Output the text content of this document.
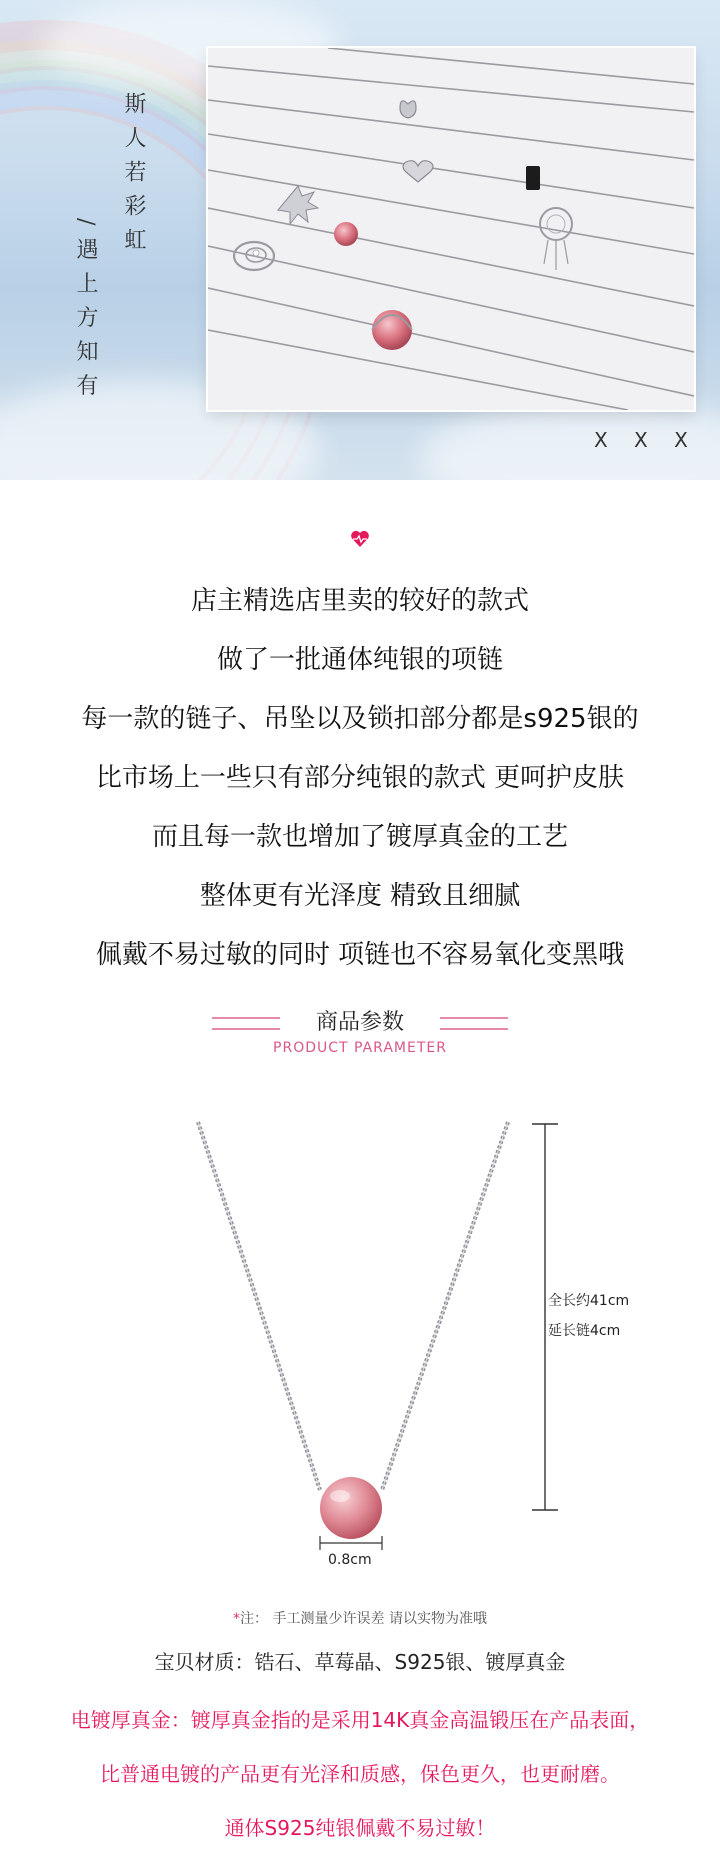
斯人若彩虹
/遇上方知有
X X X

店主精选店里卖的较好的款式

做了一批通体纯银的项链

每一款的链子、吊坠以及锁扣部分都是s925银的

比市场上一些只有部分纯银的款式 更呵护皮肤

而且每一款也增加了镀厚真金的工艺

整体更有光泽度 精致且细腻

佩戴不易过敏的同时 项链也不容易氧化变黑哦

商品参数
PRODUCT PARAMETER
全长约41cm
延长链4cm
0.8cm
*注： 手工测量少许误差 请以实物为准哦
宝贝材质：锆石、草莓晶、S925银、镀厚真金
电镀厚真金：镀厚真金指的是采用14K真金高温锻压在产品表面，
比普通电镀的产品更有光泽和质感，保色更久，也更耐磨。
通体S925纯银佩戴不易过敏！
